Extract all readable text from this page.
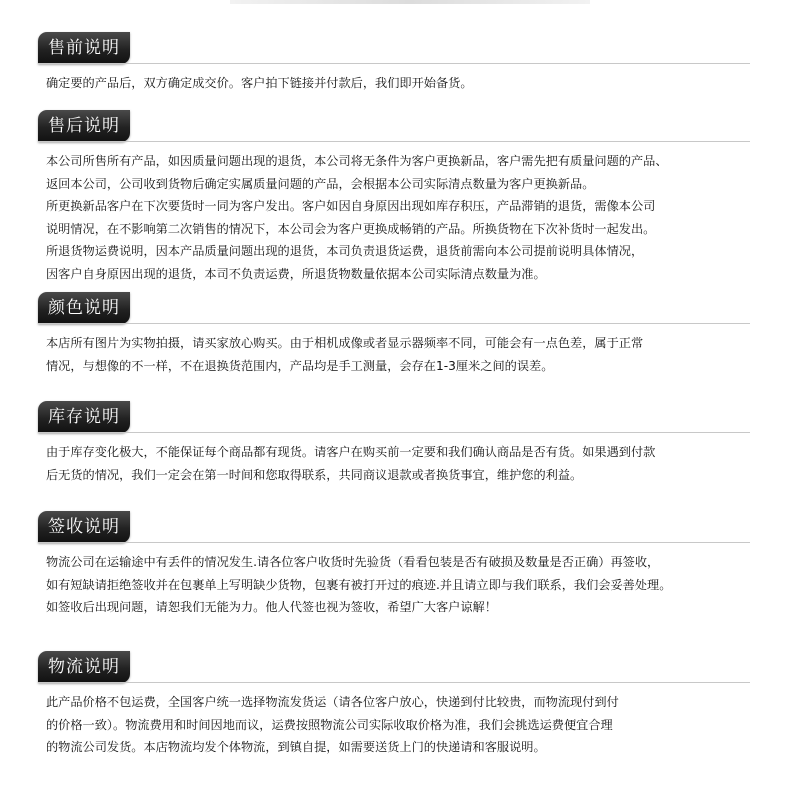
售前说明
确定要的产品后，双方确定成交价。客户拍下链接并付款后，我们即开始备货。
售后说明
本公司所售所有产品，如因质量问题出现的退货，本公司将无条件为客户更换新品，客户需先把有质量问题的产品、
返回本公司，公司收到货物后确定实属质量问题的产品，会根据本公司实际清点数量为客户更换新品。
所更换新品客户在下次要货时一同为客户发出。客户如因自身原因出现如库存积压，产品滞销的退货，需像本公司
说明情况，在不影响第二次销售的情况下，本公司会为客户更换成畅销的产品。所换货物在下次补货时一起发出。
所退货物运费说明，因本产品质量问题出现的退货，本司负责退货运费，退货前需向本公司提前说明具体情况，
因客户自身原因出现的退货，本司不负责运费，所退货物数量依据本公司实际清点数量为准。
颜色说明
本店所有图片为实物拍摄，请买家放心购买。由于相机成像或者显示器频率不同，可能会有一点色差，属于正常
情况，与想像的不一样，不在退换货范围内，产品均是手工测量，会存在1-3厘米之间的误差。
库存说明
由于库存变化极大，不能保证每个商品都有现货。请客户在购买前一定要和我们确认商品是否有货。如果遇到付款
后无货的情况，我们一定会在第一时间和您取得联系，共同商议退款或者换货事宜，维护您的利益。
签收说明
物流公司在运输途中有丢件的情况发生.请各位客户收货时先验货（看看包装是否有破损及数量是否正确）再签收，
如有短缺请拒绝签收并在包裹单上写明缺少货物，包裹有被打开过的痕迹.并且请立即与我们联系，我们会妥善处理。
如签收后出现问题，请恕我们无能为力。他人代签也视为签收，希望广大客户谅解！
物流说明
此产品价格不包运费，全国客户统一选择物流发货运（请各位客户放心，快递到付比较贵，而物流现付到付
的价格一致）。物流费用和时间因地而议，运费按照物流公司实际收取价格为准，我们会挑选运费便宜合理
的物流公司发货。本店物流均发个体物流，到镇自提，如需要送货上门的快递请和客服说明。
